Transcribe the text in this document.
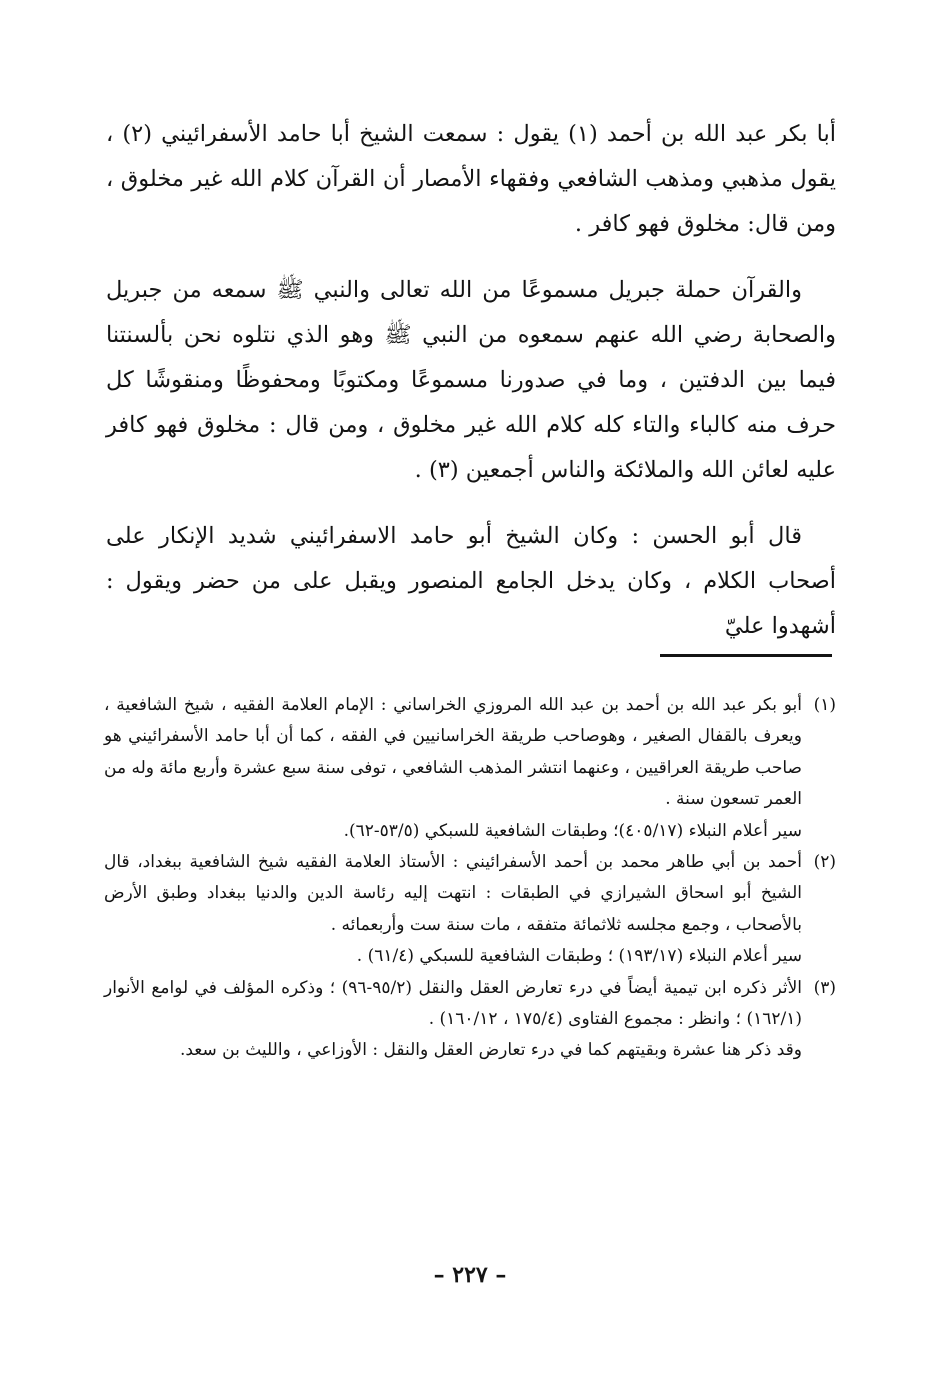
أبا بكر عبد الله بن أحمد (١) يقول : سمعت الشيخ أبا حامد الأسفرائيني (٢) ، يقول مذهبي ومذهب الشافعي وفقهاء الأمصار أن القرآن كلام الله غير مخلوق ، ومن قال: مخلوق فهو كافر .

والقرآن حملة جبريل مسموعًا من الله تعالى والنبي ﷺ سمعه من جبريل والصحابة رضي الله عنهم سمعوه من النبي ﷺ وهو الذي نتلوه نحن بألسنتنا فيما بين الدفتين ، وما في صدورنا مسموعًا ومكتوبًا ومحفوظًا ومنقوشًا كل حرف منه كالباء والتاء كله كلام الله غير مخلوق ، ومن قال : مخلوق فهو كافر عليه لعائن الله والملائكة والناس أجمعين (٣) .

قال أبو الحسن : وكان الشيخ أبو حامد الاسفرائيني شديد الإنكار على أصحاب الكلام ، وكان يدخل الجامع المنصور ويقبل على من حضر ويقول : أشهدوا عليّ

(١)

أبو بكر عبد الله بن أحمد بن عبد الله المروزي الخراساني : الإمام العلامة الفقيه ، شيخ الشافعية ، ويعرف بالقفال الصغير ، وهوصاحب طريقة الخراسانيين في الفقه ، كما أن أبا حامد الأسفرائيني هو صاحب طريقة العراقيين ، وعنهما انتشر المذهب الشافعي ، توفى سنة سبع عشرة وأربع مائة وله من العمر تسعون سنة .

سير أعلام النبلاء (٤٠٥/١٧)؛ وطبقات الشافعية للسبكي (٥٣/٥-٦٢).

(٢)

أحمد بن أبي طاهر محمد بن أحمد الأسفرائيني : الأستاذ العلامة الفقيه شيخ الشافعية ببغداد، قال الشيخ أبو اسحاق الشيرازي في الطبقات : انتهت إليه رئاسة الدين والدنيا ببغداد وطبق الأرض بالأصحاب ، وجمع مجلسه ثلاثمائة متفقه ، مات سنة ست وأربعمائه .

سير أعلام النبلاء (١٩٣/١٧) ؛ وطبقات الشافعية للسبكي (٦١/٤) .

(٣)

الأثر ذكره ابن تيمية أيضاً في درء تعارض العقل والنقل (٩٥/٢-٩٦) ؛ وذكره المؤلف في لوامع الأنوار (١٦٢/١) ؛ وانظر : مجموع الفتاوى (١٧٥/٤ ، ١٦٠/١٢) .

وقد ذكر هنا عشرة وبقيتهم كما في درء تعارض العقل والنقل : الأوزاعي ، والليث بن سعد.

– ٢٢٧ –
